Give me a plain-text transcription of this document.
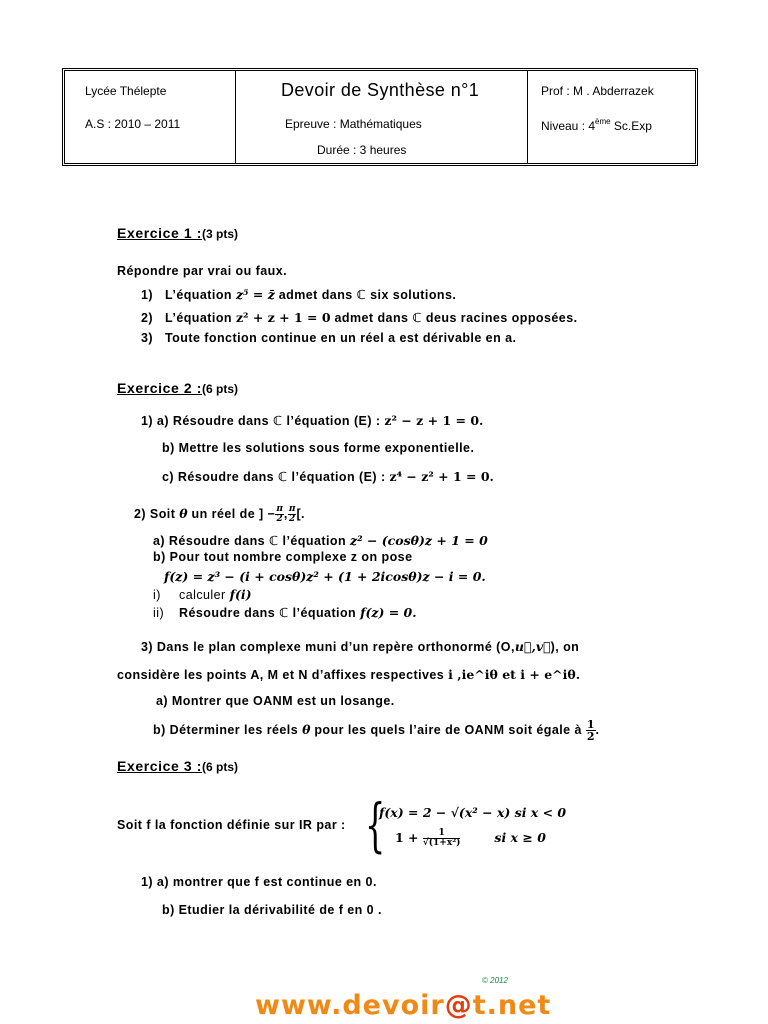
Lycée Thélepte
A.S : 2010 – 2011
Devoir de Synthèse n°1
Epreuve : Mathématiques
Durée : 3 heures
Prof : M . Abderrazek
Niveau : 4ème Sc.Exp
Exercice 1 :(3 pts)
Répondre par vrai ou faux.
1) L’équation z⁵ = z̄ admet dans ℂ six solutions.
2) L’équation z² + z + 1 = 0 admet dans ℂ deus racines opposées.
3) Toute fonction continue en un réel a est dérivable en a.
Exercice 2 :(6 pts)
1) a) Résoudre dans ℂ l’équation (E) : z² − z + 1 = 0.
b) Mettre les solutions sous forme exponentielle.
c) Résoudre dans ℂ l’équation (E) : z⁴ − z² + 1 = 0.
2) Soit θ un réel de ] − $\frac{\pi}{2}$ , $\frac{\pi}{2}$ [.
a) Résoudre dans ℂ l’équation z² − (cosθ)z + 1 = 0
b) Pour tout nombre complexe z on pose
f(z) = z³ − (i + cosθ)z² + (1 + 2icosθ)z − i = 0.
i) calculer f(i)
ii) Résoudre dans ℂ l’équation f(z) = 0.
3) Dans le plan complexe muni d’un repère orthonormé (O,u⃗,v⃗), on
considère les points A, M et N d’affixes respectives i ,ie^iθ et i + e^iθ.
a) Montrer que OANM est un losange.
b) Déterminer les réels θ pour les quels l’aire de OANM soit égale à $\frac{1}{2}$ .
Exercice 3 :(6 pts)
Soit f la fonction définie sur IR par : {
f(x) = 2 − √(x² − x) si x < 0
$1 + \frac{1}{\text{√(1+x²)}}$	si x ≥ 0
1) a) montrer que f est continue en 0.
b) Etudier la dérivabilité de f en 0 .
© 2012
www.devoir@t.net
